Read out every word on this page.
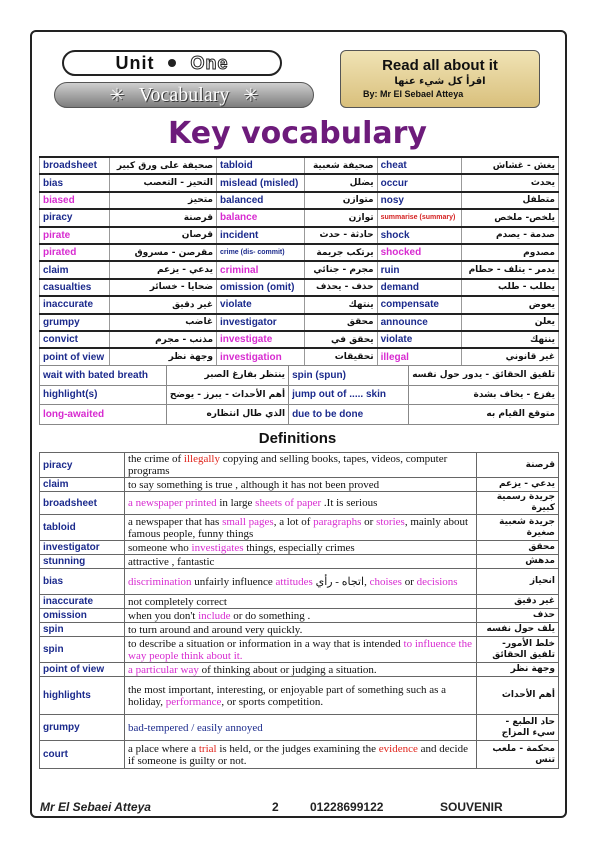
Unit One
✳ Vocabulary ✳
Read all about it
اقرأ كل شيء عنها
By: Mr El Sebael Atteya
Key vocabulary
broadsheet	صحيفة على ورق كبير	tabloid	صحيفة شعبية	cheat	يغش - غشاش
bias	التحيز - التعصب	mislead (misled)	يضلل	occur	يحدث
biased	متحيز	balanced	متوازن	nosy	متطفل
piracy	قرصنة	balance	توازن	summarise (summary)	يلخص- ملخص
pirate	قرصان	incident	حادثة - حدث	shock	صدمة - يصدم
pirated	مقرصن - مسروق	crime (dis- commit)	يرتكب جريمة	shocked	مصدوم
claim	يدعي - يزعم	criminal	مجرم - جنائي	ruin	يدمر - يتلف - حطام
casualties	ضحايا - خسائر	omission (omit)	حذف - يحذف	demand	يطلب - طلب
inaccurate	غير دقيق	violate	ينتهك	compensate	يعوض
grumpy	غاضب	investigator	محقق	announce	يعلن
convict	مذنب - مجرم	investigate	يحقق في	violate	ينتهك
point of view	وجهة نظر	investigation	تحقيقات	illegal	غير قانوني
wait with bated breath	ينتظر بفارغ الصبر	spin (spun)	تلفيق الحقائق - يدور حول نفسه
highlight(s)	أهم الأحداث - يبرز - يوضح	jump out of ..... skin	يفزع - يخاف بشدة
long-awaited	الذي طال انتظاره	due to be done	متوقع القيام به
Definitions
piracy	the crime of illegally copying and selling books, tapes, videos, computer programs	قرصنة
claim	to say something is true , although it has not been proved	يدعي - يزعم
broadsheet	a newspaper printed in large sheets of paper .It is serious	جريدة رسمية كبيرة
tabloid	a newspaper that has small pages, a lot of paragraphs or stories, mainly about famous people, funny things	جريدة شعبية صغيرة
investigator	someone who investigates things, especially crimes	محقق
stunning	attractive , fantastic	مدهش
bias	discrimination unfairly influence attitudes اتجاه - رأي, choises or decisions	انحياز
inaccurate	not completely correct	غير دقيق
omission	when you don't include or do something .	حذف
spin	to turn around and around very quickly.	يلف حول نفسه
spin	to describe a situation or information in a way that is intended to influence the way people think about it.	خلط الأمور- تلفيق الحقائق
point of view	a particular way of thinking about or judging a situation.	وجهة نظر
highlights	the most important, interesting, or enjoyable part of something such as a holiday, performance, or sports competition.	أهم الأحداث
grumpy	bad-tempered / easily annoyed	حاد الطبع - سيء المزاج
court	a place where a trial is held, or the judges examining the evidence and decide if someone is guilty or not.	محكمة - ملعب تنس
Mr El Sebaei Atteya	2	01228699122	SOUVENIR
